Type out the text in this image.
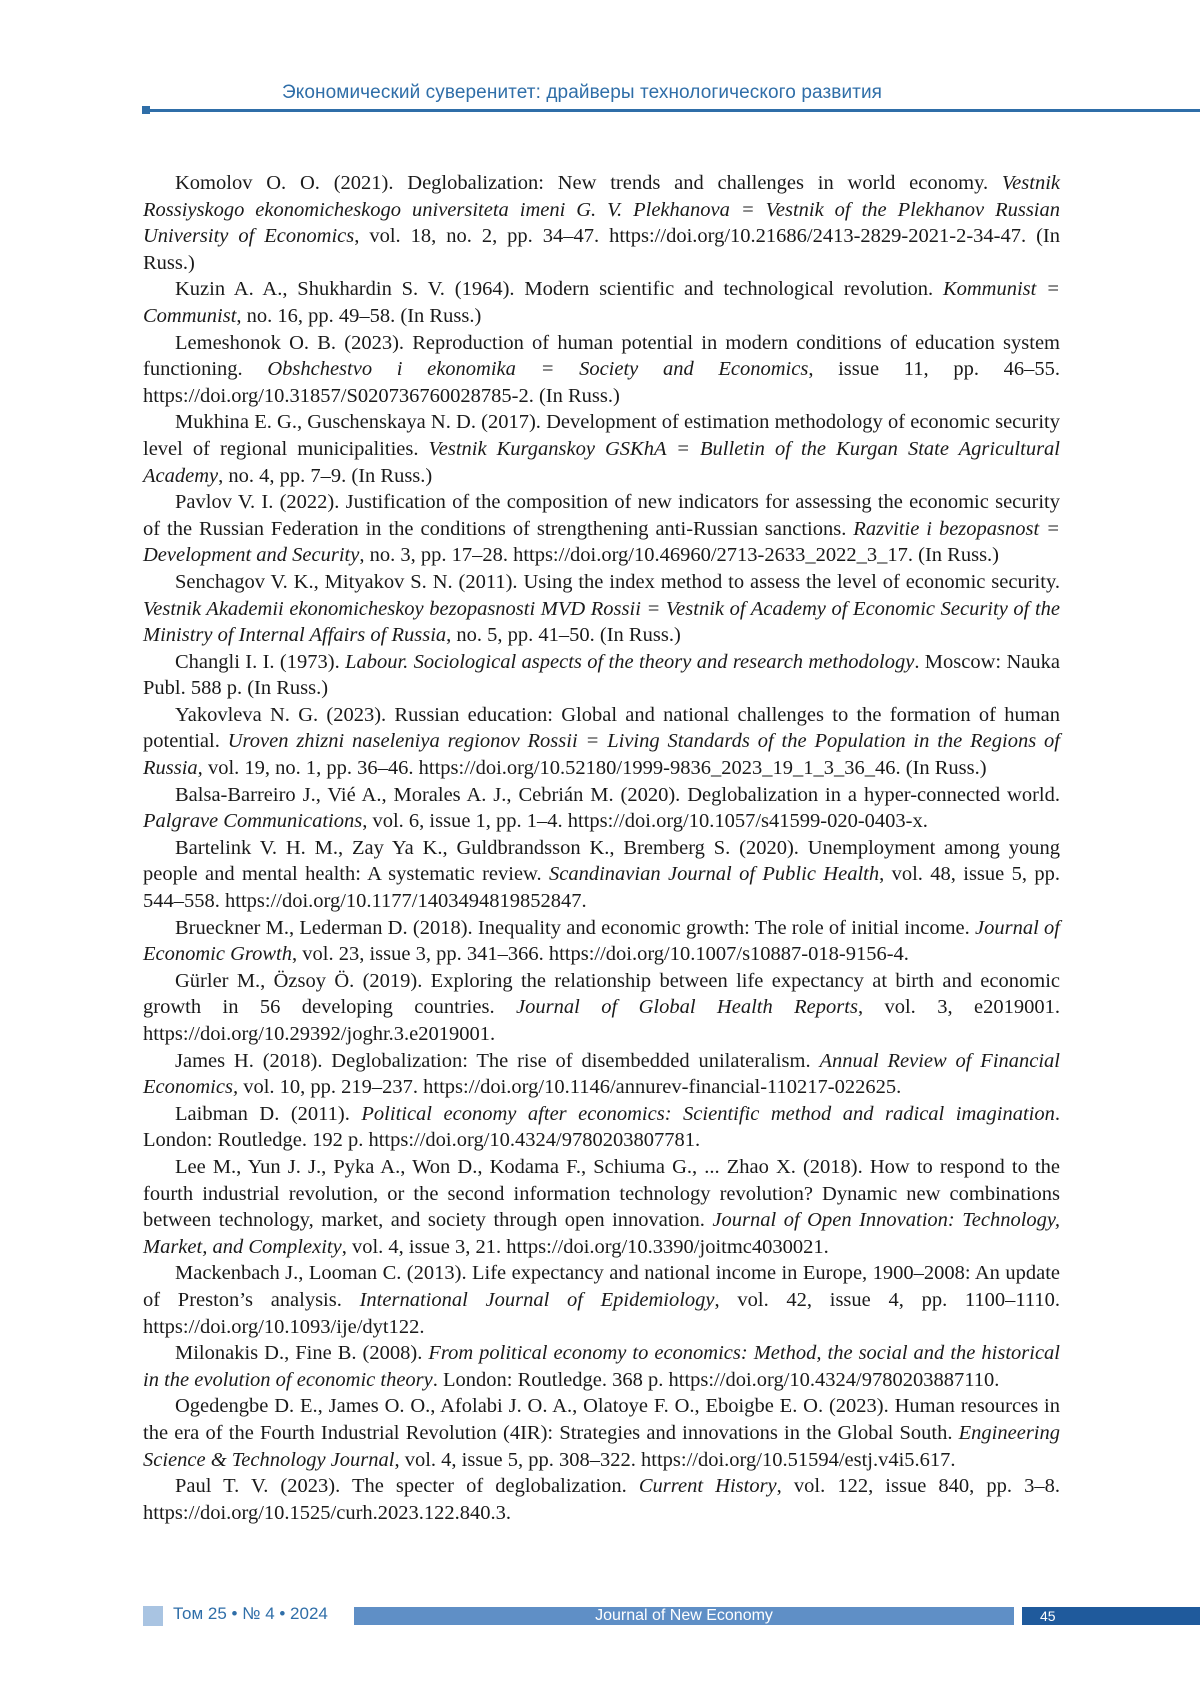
Экономический суверенитет: драйверы технологического развития

Komolov O. O. (2021). Deglobalization: New trends and challenges in world economy. Vestnik Rossiyskogo ekonomicheskogo universiteta imeni G. V. Plekhanova = Vestnik of the Plekhanov Russian University of Economics, vol. 18, no. 2, pp. 34–47. https://doi.org/10.21686/2413-2829-2021-2-34-47. (In Russ.)

Kuzin A. A., Shukhardin S. V. (1964). Modern scientific and technological revolution. Kommunist = Communist, no. 16, pp. 49–58. (In Russ.)

Lemeshonok O. B. (2023). Reproduction of human potential in modern conditions of education system functioning. Obshchestvo i ekonomika = Society and Economics, issue 11, pp. 46–55. https://doi.org/10.31857/S020736760028785-2. (In Russ.)

Mukhina E. G., Guschenskaya N. D. (2017). Development of estimation methodology of economic security level of regional municipalities. Vestnik Kurganskoy GSKhA = Bulletin of the Kurgan State Agricultural Academy, no. 4, pp. 7–9. (In Russ.)

Pavlov V. I. (2022). Justification of the composition of new indicators for assessing the economic security of the Russian Federation in the conditions of strengthening anti-Russian sanctions. Razvitie i bezopasnost = Development and Security, no. 3, pp. 17–28. https://doi.org/10.46960/2713-2633_2022_3_17. (In Russ.)

Senchagov V. K., Mityakov S. N. (2011). Using the index method to assess the level of economic security. Vestnik Akademii ekonomicheskoy bezopasnosti MVD Rossii = Vestnik of Academy of Economic Security of the Ministry of Internal Affairs of Russia, no. 5, pp. 41–50. (In Russ.)

Changli I. I. (1973). Labour. Sociological aspects of the theory and research methodology. Moscow: Nauka Publ. 588 p. (In Russ.)

Yakovleva N. G. (2023). Russian education: Global and national challenges to the formation of human potential. Uroven zhizni naseleniya regionov Rossii = Living Standards of the Population in the Regions of Russia, vol. 19, no. 1, pp. 36–46. https://doi.org/10.52180/1999-9836_2023_19_1_3_36_46. (In Russ.)

Balsa-Barreiro J., Vié A., Morales A. J., Cebrián M. (2020). Deglobalization in a hyper-connected world. Palgrave Communications, vol. 6, issue 1, pp. 1–4. https://doi.org/10.1057/s41599-020-0403-x.

Bartelink V. H. M., Zay Ya K., Guldbrandsson K., Bremberg S. (2020). Unemployment among young people and mental health: A systematic review. Scandinavian Journal of Public Health, vol. 48, issue 5, pp. 544–558. https://doi.org/10.1177/1403494819852847.

Brueckner M., Lederman D. (2018). Inequality and economic growth: The role of initial income. Journal of Economic Growth, vol. 23, issue 3, pp. 341–366. https://doi.org/10.1007/s10887-018-9156-4.

Gürler M., Özsoy Ö. (2019). Exploring the relationship between life expectancy at birth and economic growth in 56 developing countries. Journal of Global Health Reports, vol. 3, e2019001. https://doi.org/10.29392/joghr.3.e2019001.

James H. (2018). Deglobalization: The rise of disembedded unilateralism. Annual Review of Financial Economics, vol. 10, pp. 219–237. https://doi.org/10.1146/annurev-financial-110217-022625.

Laibman D. (2011). Political economy after economics: Scientific method and radical imagination. London: Routledge. 192 p. https://doi.org/10.4324/9780203807781.

Lee M., Yun J. J., Pyka A., Won D., Kodama F., Schiuma G., ... Zhao X. (2018). How to respond to the fourth industrial revolution, or the second information technology revolution? Dynamic new combinations between technology, market, and society through open innovation. Journal of Open Innovation: Technology, Market, and Complexity, vol. 4, issue 3, 21. https://doi.org/10.3390/joitmc4030021.

Mackenbach J., Looman C. (2013). Life expectancy and national income in Europe, 1900–2008: An update of Preston’s analysis. International Journal of Epidemiology, vol. 42, issue 4, pp. 1100–1110. https://doi.org/10.1093/ije/dyt122.

Milonakis D., Fine B. (2008). From political economy to economics: Method, the social and the historical in the evolution of economic theory. London: Routledge. 368 p. https://doi.org/10.4324/9780203887110.

Ogedengbe D. E., James O. O., Afolabi J. O. A., Olatoye F. O., Eboigbe E. O. (2023). Human resources in the era of the Fourth Industrial Revolution (4IR): Strategies and innovations in the Global South. Engineering Science & Technology Journal, vol. 4, issue 5, pp. 308–322. https://doi.org/10.51594/estj.v4i5.617.

Paul T. V. (2023). The specter of deglobalization. Current History, vol. 122, issue 840, pp. 3–8. https://doi.org/10.1525/curh.2023.122.840.3.

Том 25 • № 4 • 2024	Journal of New Economy	45
